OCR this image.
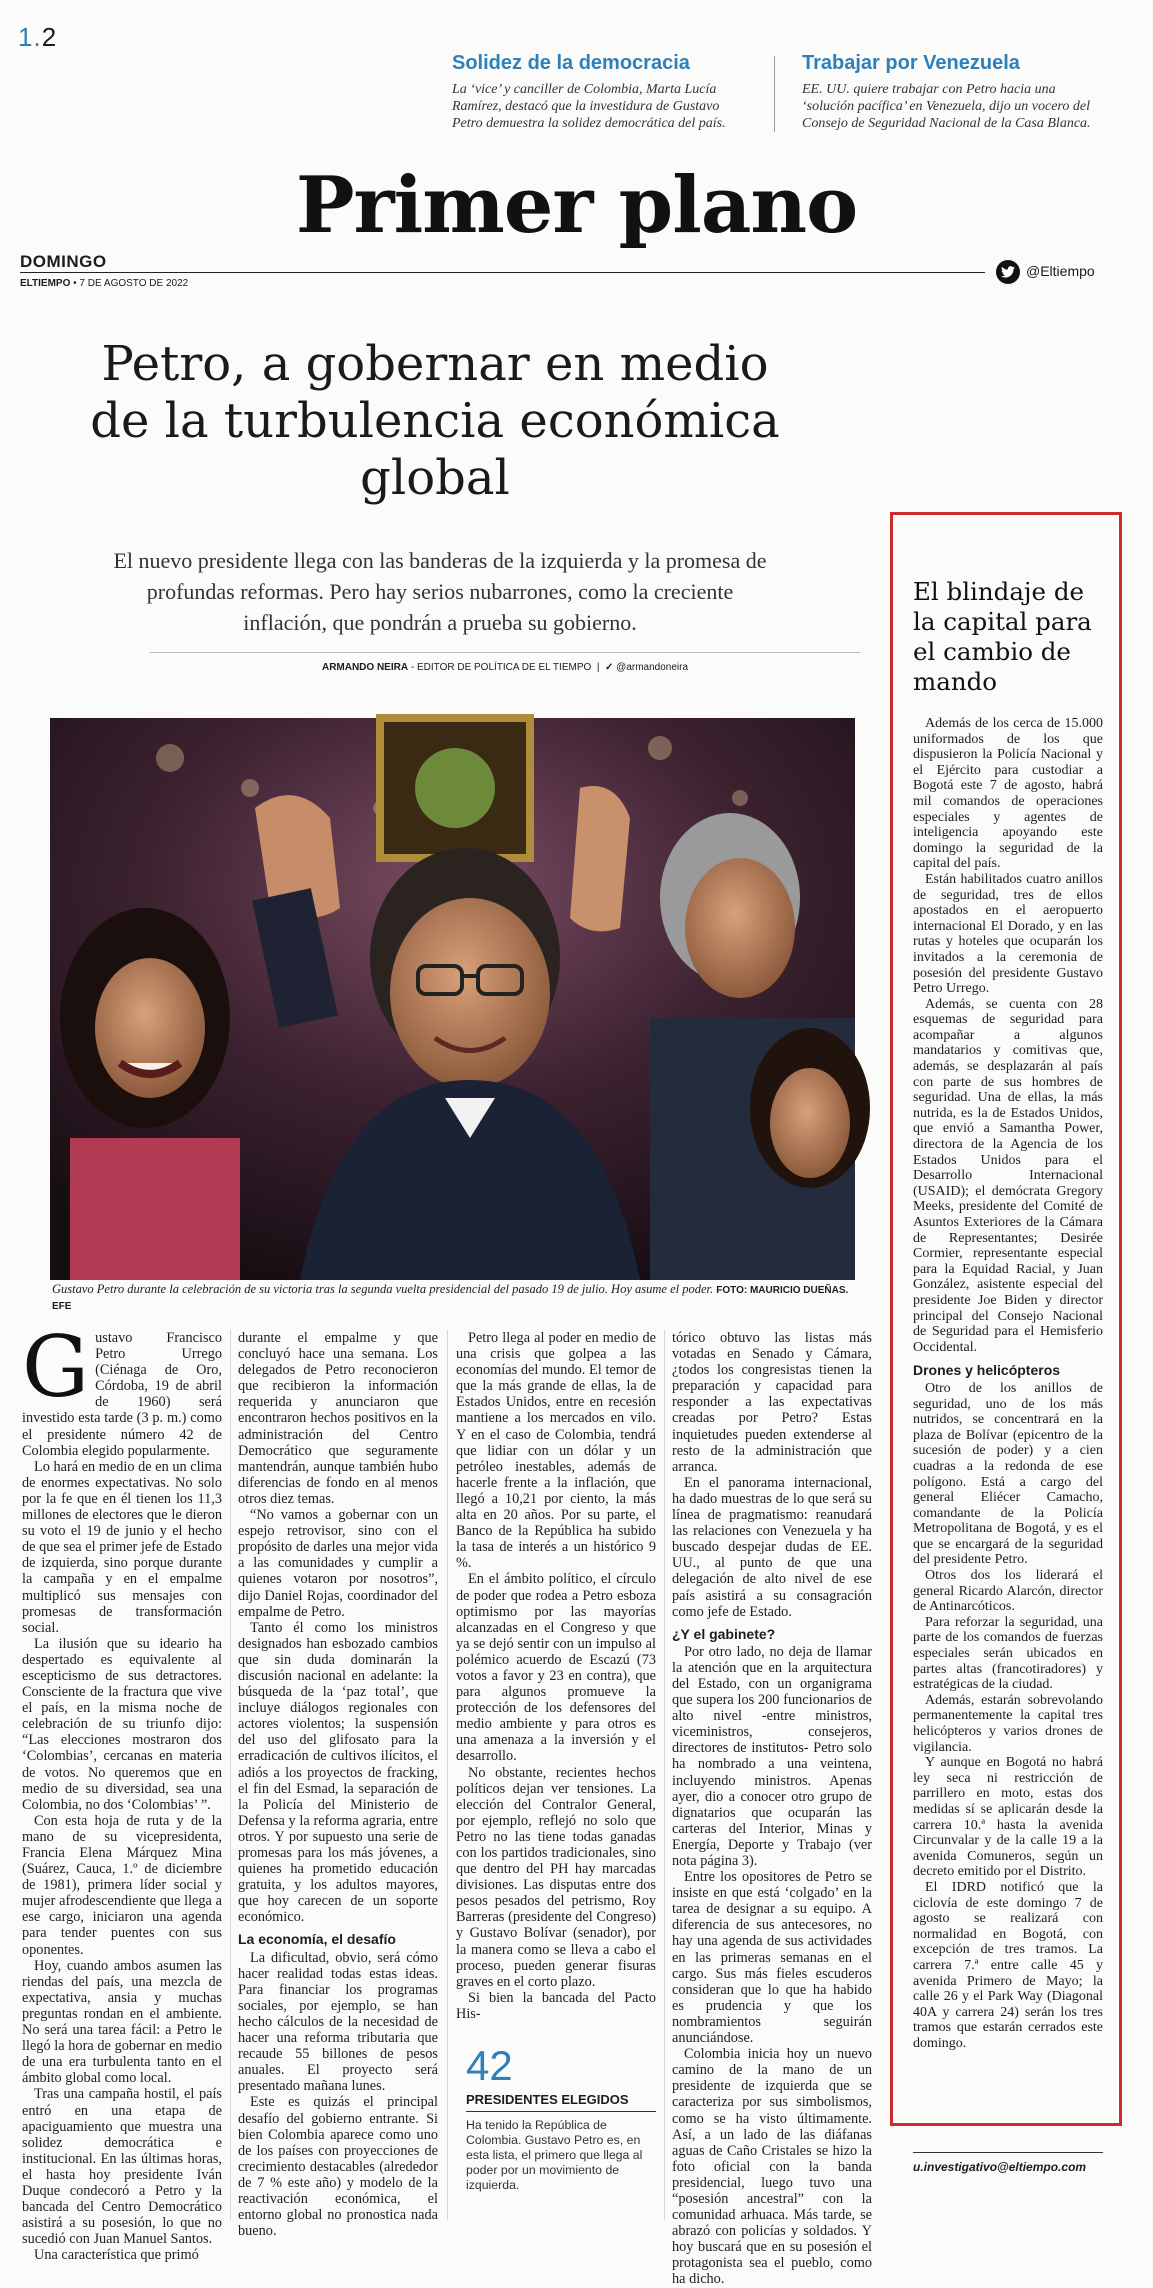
1.2
Solidez de la democracia

La ‘vice’ y canciller de Colombia, Marta Lucía Ramírez, destacó que la investidura de Gustavo Petro demuestra la solidez democrática del país.

Trabajar por Venezuela

EE. UU. quiere trabajar con Petro hacia una ‘solución pacífica’ en Venezuela, dijo un vocero del Consejo de Seguridad Nacional de la Casa Blanca.

Primer plano
DOMINGO
ELTIEMPO • 7 DE AGOSTO DE 2022
@Eltiempo
Petro, a gobernar en medio de la turbulencia económica global

El nuevo presidente llega con las banderas de la izquierda y la promesa de profundas reformas. Pero hay serios nubarrones, como la creciente inflación, que pondrán a prueba su gobierno.

ARMANDO NEIRA - EDITOR DE POLÍTICA DE EL TIEMPO  |  ✓ @armandoneira

Gustavo Petro durante la celebración de su victoria tras la segunda vuelta presidencial del pasado 19 de julio. Hoy asume el poder. FOTO: MAURICIO DUEÑAS. EFE

G ustavo Francisco Petro Urrego (Ciénaga de Oro, Córdoba, 19 de abril de 1960) será investido esta tarde (3 p. m.) como el presidente número 42 de Colombia elegido popularmente.

Lo hará en medio de en un clima de enormes expectativas. No solo por la fe que en él tienen los 11,3 millones de electores que le dieron su voto el 19 de junio y el hecho de que sea el primer jefe de Estado de izquierda, sino porque durante la campaña y en el empalme multiplicó sus mensajes con promesas de transformación social.

La ilusión que su ideario ha despertado es equivalente al escepticismo de sus detractores. Consciente de la fractura que vive el país, en la misma noche de celebración de su triunfo dijo: “Las elecciones mostraron dos ‘Colombias’, cercanas en materia de votos. No queremos que en medio de su diversidad, sea una Colombia, no dos ‘Colombias’ ”.

Con esta hoja de ruta y de la mano de su vicepresidenta, Francia Elena Márquez Mina (Suárez, Cauca, 1.º de diciembre de 1981), primera líder social y mujer afrodescendiente que llega a ese cargo, iniciaron una agenda para tender puentes con sus oponentes.

Hoy, cuando ambos asumen las riendas del país, una mezcla de expectativa, ansia y muchas preguntas rondan en el ambiente. No será una tarea fácil: a Petro le llegó la hora de gobernar en medio de una era turbulenta tanto en el ámbito global como local.

Tras una campaña hostil, el país entró en una etapa de apaciguamiento que muestra una solidez democrática e institucional. En las últimas horas, el hasta hoy presidente Iván Duque condecoró a Petro y la bancada del Centro Democrático asistirá a su posesión, lo que no sucedió con Juan Manuel Santos.

Una característica que primó

durante el empalme y que concluyó hace una semana. Los delegados de Petro reconocieron que recibieron la información requerida y anunciaron que encontraron hechos positivos en la administración del Centro Democrático que seguramente mantendrán, aunque también hubo diferencias de fondo en al menos otros diez temas.

“No vamos a gobernar con un espejo retrovisor, sino con el propósito de darles una mejor vida a las comunidades y cumplir a quienes votaron por nosotros”, dijo Daniel Rojas, coordinador del empalme de Petro.

Tanto él como los ministros designados han esbozado cambios que sin duda dominarán la discusión nacional en adelante: la búsqueda de la ‘paz total’, que incluye diálogos regionales con actores violentos; la suspensión del uso del glifosato para la erradicación de cultivos ilícitos, el adiós a los proyectos de fracking, el fin del Esmad, la separación de la Policía del Ministerio de Defensa y la reforma agraria, entre otros. Y por supuesto una serie de promesas para los más jóvenes, a quienes ha prometido educación gratuita, y los adultos mayores, que hoy carecen de un soporte económico.

La economía, el desafío

La dificultad, obvio, será cómo hacer realidad todas estas ideas. Para financiar los programas sociales, por ejemplo, se han hecho cálculos de la necesidad de hacer una reforma tributaria que recaude 55 billones de pesos anuales. El proyecto será presentado mañana lunes.

Este es quizás el principal desafío del gobierno entrante. Si bien Colombia aparece como uno de los países con proyecciones de crecimiento destacables (alrededor de 7 % este año) y modelo de la reactivación económica, el entorno global no pronostica nada bueno.

Petro llega al poder en medio de una crisis que golpea a las economías del mundo. El temor de que la más grande de ellas, la de Estados Unidos, entre en recesión mantiene a los mercados en vilo. Y en el caso de Colombia, tendrá que lidiar con un dólar y un petróleo inestables, además de hacerle frente a la inflación, que llegó a 10,21 por ciento, la más alta en 20 años. Por su parte, el Banco de la República ha subido la tasa de interés a un histórico 9 %.

En el ámbito político, el círculo de poder que rodea a Petro esboza optimismo por las mayorías alcanzadas en el Congreso y que ya se dejó sentir con un impulso al polémico acuerdo de Escazú (73 votos a favor y 23 en contra), que para algunos promueve la protección de los defensores del medio ambiente y para otros es una amenaza a la inversión y el desarrollo.

No obstante, recientes hechos políticos dejan ver tensiones. La elección del Contralor General, por ejemplo, reflejó no solo que Petro no las tiene todas ganadas con los partidos tradicionales, sino que dentro del PH hay marcadas divisiones. Las disputas entre dos pesos pesados del petrismo, Roy Barreras (presidente del Congreso) y Gustavo Bolívar (senador), por la manera como se lleva a cabo el proceso, pueden generar fisuras graves en el corto plazo.

Si bien la bancada del Pacto His-

42
PRESIDENTES ELEGIDOS
Ha tenido la República de Colombia. Gustavo Petro es, en esta lista, el primero que llega al poder por un movimiento de izquierda.

tórico obtuvo las listas más votadas en Senado y Cámara, ¿todos los congresistas tienen la preparación y capacidad para responder a las expectativas creadas por Petro? Estas inquietudes pueden extenderse al resto de la administración que arranca.

En el panorama internacional, ha dado muestras de lo que será su línea de pragmatismo: reanudará las relaciones con Venezuela y ha buscado despejar dudas de EE. UU., al punto de que una delegación de alto nivel de ese país asistirá a su consagración como jefe de Estado.

¿Y el gabinete?

Por otro lado, no deja de llamar la atención que en la arquitectura del Estado, con un organigrama que supera los 200 funcionarios de alto nivel -entre ministros, viceministros, consejeros, directores de institutos- Petro solo ha nombrado a una veintena, incluyendo ministros. Apenas ayer, dio a conocer otro grupo de dignatarios que ocuparán las carteras del Interior, Minas y Energía, Deporte y Trabajo (ver nota página 3).

Entre los opositores de Petro se insiste en que está ‘colgado’ en la tarea de designar a su equipo. A diferencia de sus antecesores, no hay una agenda de sus actividades en las primeras semanas en el cargo. Sus más fieles escuderos consideran que lo que ha habido es prudencia y que los nombramientos seguirán anunciándose.

Colombia inicia hoy un nuevo camino de la mano de un presidente de izquierda que se caracteriza por sus simbolismos, como se ha visto últimamente. Así, a un lado de las diáfanas aguas de Caño Cristales se hizo la foto oficial con la banda presidencial, luego tuvo una “posesión ancestral” con la comunidad arhuaca. Más tarde, se abrazó con policías y soldados. Y hoy buscará que en su posesión el protagonista sea el pueblo, como ha dicho.

El blindaje de la capital para el cambio de mando

Además de los cerca de 15.000 uniformados de los que dispusieron la Policía Nacional y el Ejército para custodiar a Bogotá este 7 de agosto, habrá mil comandos de operaciones especiales y agentes de inteligencia apoyando este domingo la seguridad de la capital del país.

Están habilitados cuatro anillos de seguridad, tres de ellos apostados en el aeropuerto internacional El Dorado, y en las rutas y hoteles que ocuparán los invitados a la ceremonia de posesión del presidente Gustavo Petro Urrego.

Además, se cuenta con 28 esquemas de seguridad para acompañar a algunos mandatarios y comitivas que, además, se desplazarán al país con parte de sus hombres de seguridad. Una de ellas, la más nutrida, es la de Estados Unidos, que envió a Samantha Power, directora de la Agencia de los Estados Unidos para el Desarrollo Internacional (USAID); el demócrata Gregory Meeks, presidente del Comité de Asuntos Exteriores de la Cámara de Representantes; Desirée Cormier, representante especial para la Equidad Racial, y Juan González, asistente especial del presidente Joe Biden y director principal del Consejo Nacional de Seguridad para el Hemisferio Occidental.

Drones y helicópteros

Otro de los anillos de seguridad, uno de los más nutridos, se concentrará en la plaza de Bolívar (epicentro de la sucesión de poder) y a cien cuadras a la redonda de ese polígono. Está a cargo del general Eliécer Camacho, comandante de la Policía Metropolitana de Bogotá, y es el que se encargará de la seguridad del presidente Petro.

Otros dos los liderará el general Ricardo Alarcón, director de Antinarcóticos.

Para reforzar la seguridad, una parte de los comandos de fuerzas especiales serán ubicados en partes altas (francotiradores) y estratégicas de la ciudad.

Además, estarán sobrevolando permanentemente la capital tres helicópteros y varios drones de vigilancia.

Y aunque en Bogotá no habrá ley seca ni restricción de parrillero en moto, estas dos medidas sí se aplicarán desde la carrera 10.ª hasta la avenida Circunvalar y de la calle 19 a la avenida Comuneros, según un decreto emitido por el Distrito.

El IDRD notificó que la ciclovía de este domingo 7 de agosto se realizará con normalidad en Bogotá, con excepción de tres tramos. La carrera 7.ª entre calle 45 y avenida Primero de Mayo; la calle 26 y el Park Way (Diagonal 40A y carrera 24) serán los tres tramos que estarán cerrados este domingo.

u.investigativo@eltiempo.com
